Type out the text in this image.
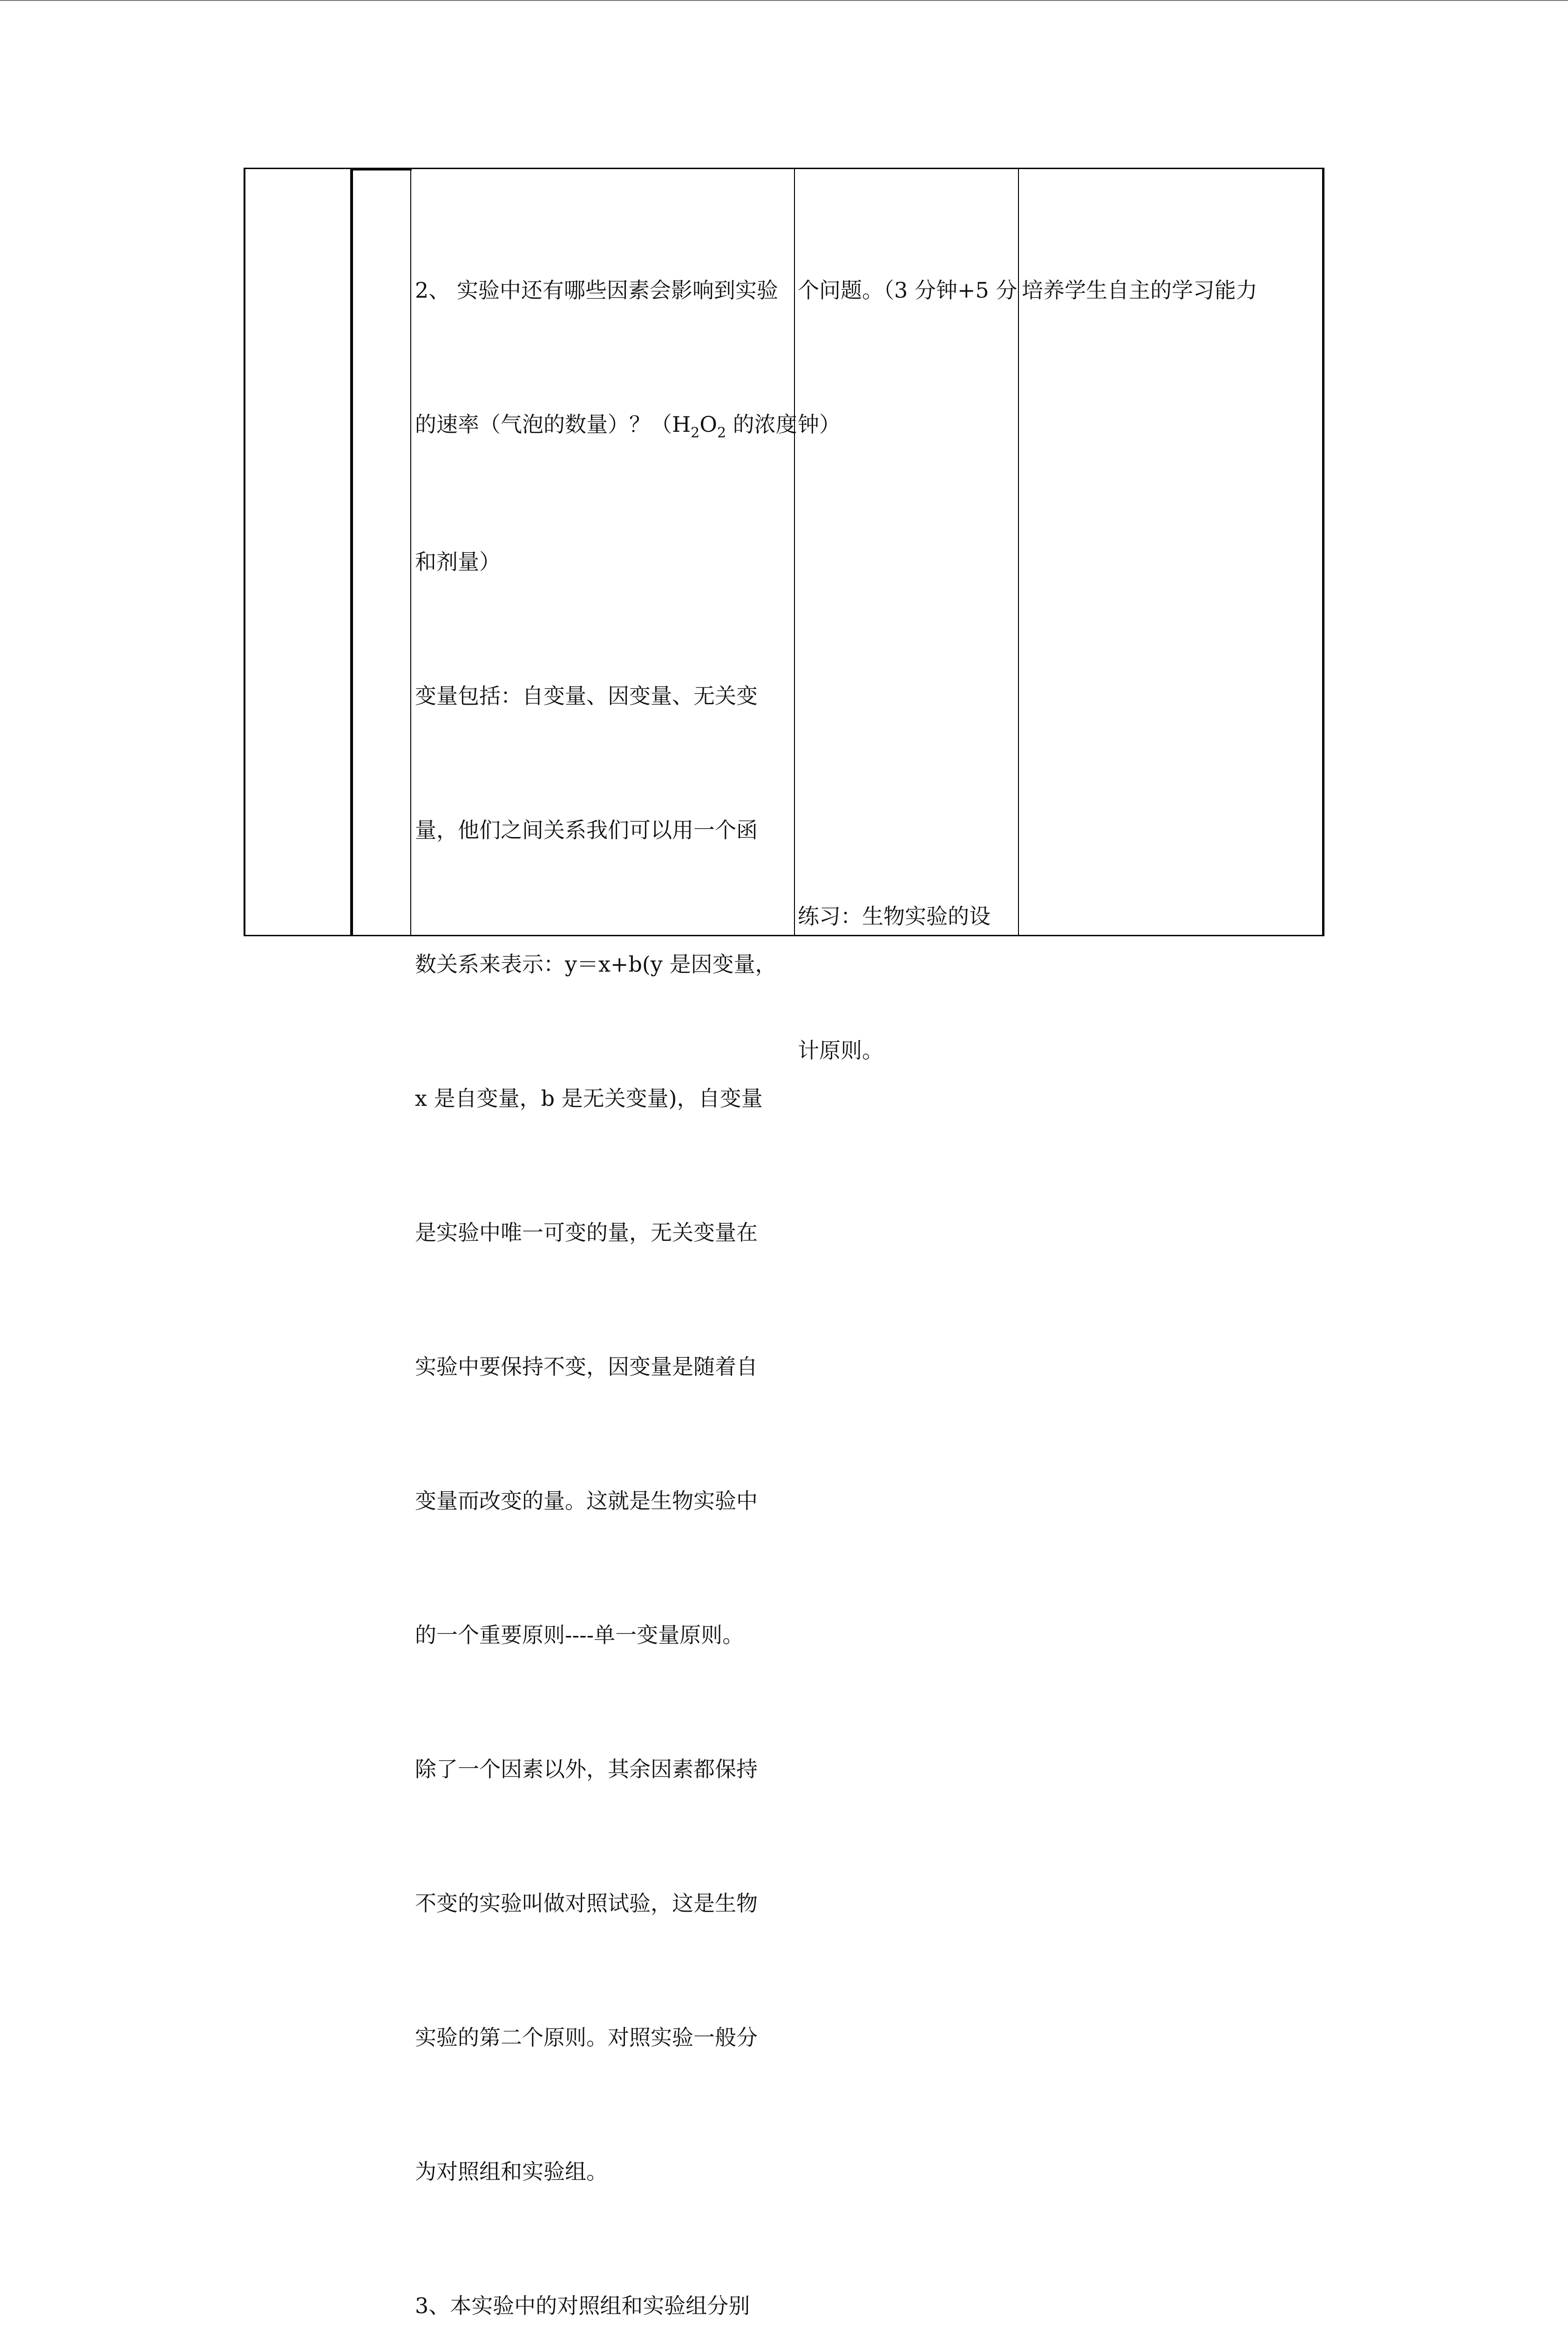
2、 实验中还有哪些因素会影响到实验

的速率（气泡的数量）？（$H_2O_2$ 的浓度

和剂量）

变量包括：自变量、因变量、无关变

量，他们之间关系我们可以用一个函

数关系来表示：y＝x+b(y 是因变量，

x 是自变量，b 是无关变量)，自变量

是实验中唯一可变的量，无关变量在

实验中要保持不变，因变量是随着自

变量而改变的量。这就是生物实验中

的一个重要原则----单一变量原则。

除了一个因素以外，其余因素都保持

不变的实验叫做对照试验，这是生物

实验的第二个原则。对照实验一般分

为对照组和实验组。

3、本实验中的对照组和实验组分别

个问题。（3 分钟+5 分

钟）

练习：生物实验的设

计原则。

培养学生自主的学习能力
